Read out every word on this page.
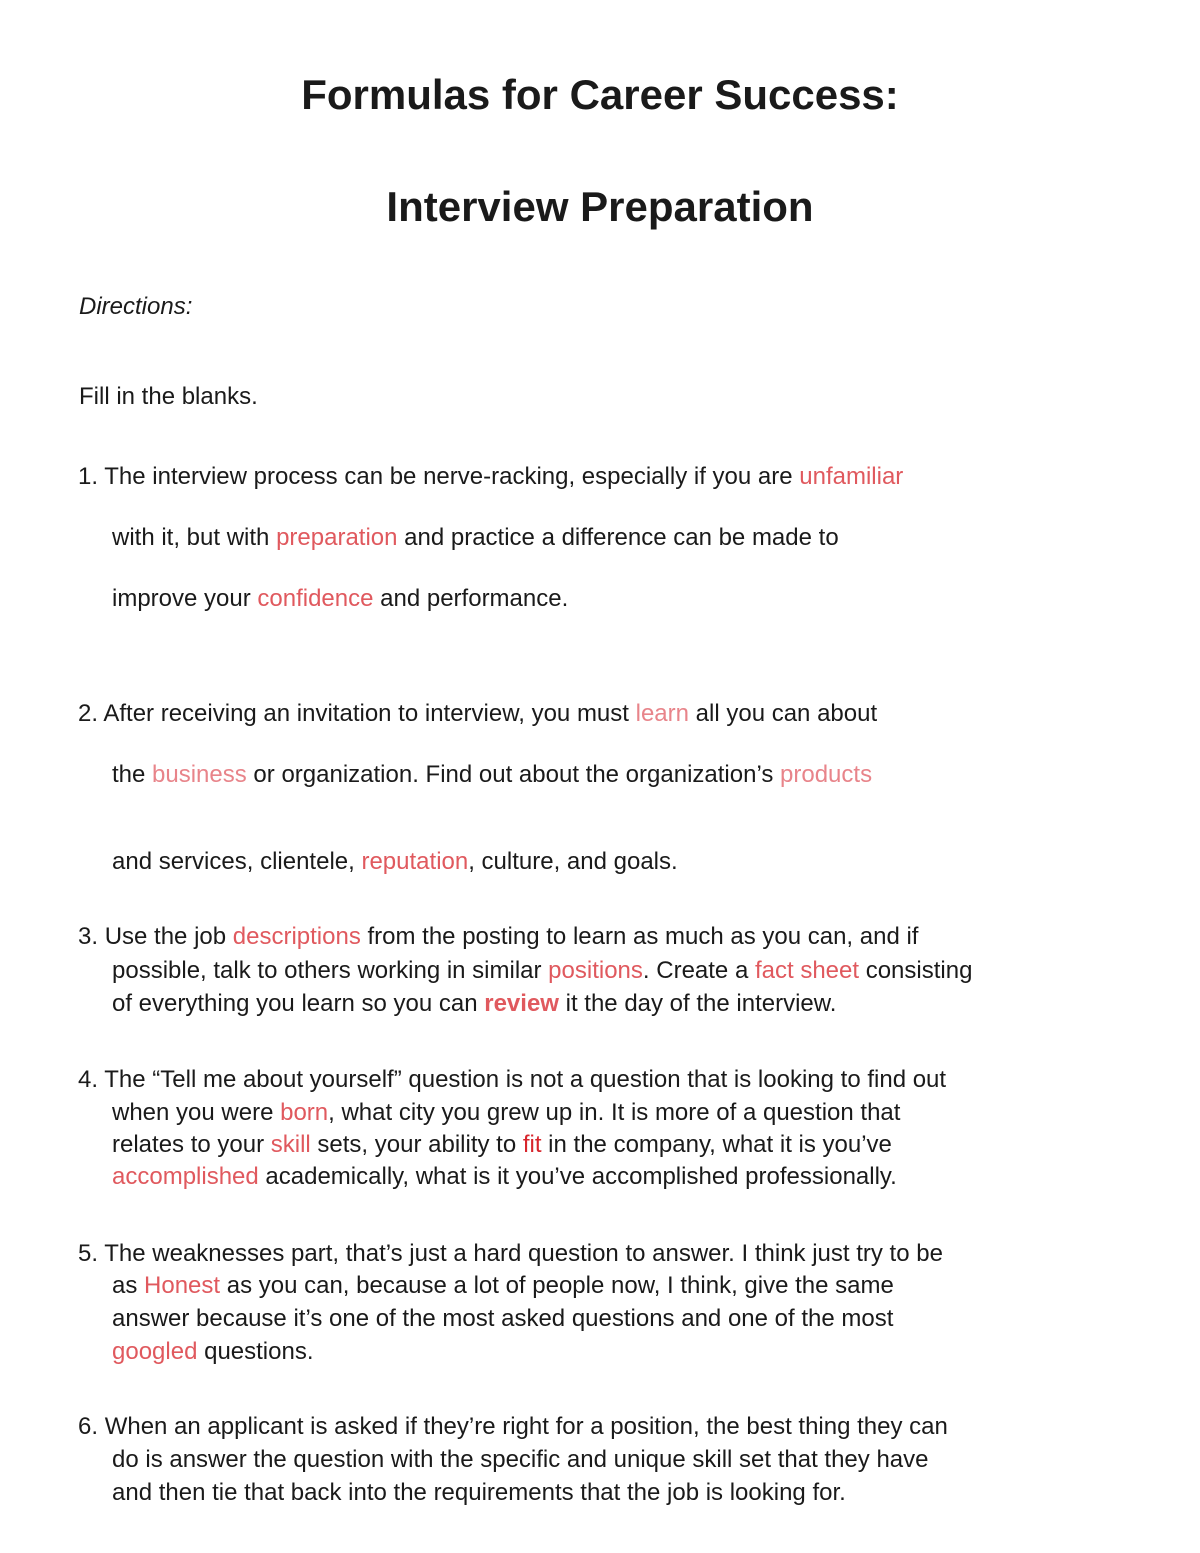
Formulas for Career Success:
Interview Preparation

Directions:

Fill in the blanks.

1. The interview process can be nerve-racking, especially if you are unfamiliar

with it, but with preparation and practice a difference can be made to

improve your confidence and performance.

2. After receiving an invitation to interview, you must learn all you can about

the business or organization. Find out about the organization’s products

and services, clientele, reputation, culture, and goals.

3. Use the job descriptions from the posting to learn as much as you can, and if

possible, talk to others working in similar positions. Create a fact sheet consisting

of everything you learn so you can review it the day of the interview.

4. The “Tell me about yourself” question is not a question that is looking to find out

when you were born, what city you grew up in. It is more of a question that

relates to your skill sets, your ability to fit in the company, what it is you’ve

accomplished academically, what is it you’ve accomplished professionally.

5. The weaknesses part, that’s just a hard question to answer. I think just try to be

as Honest as you can, because a lot of people now, I think, give the same

answer because it’s one of the most asked questions and one of the most

googled questions.

6. When an applicant is asked if they’re right for a position, the best thing they can

do is answer the question with the specific and unique skill set that they have

and then tie that back into the requirements that the job is looking for.
